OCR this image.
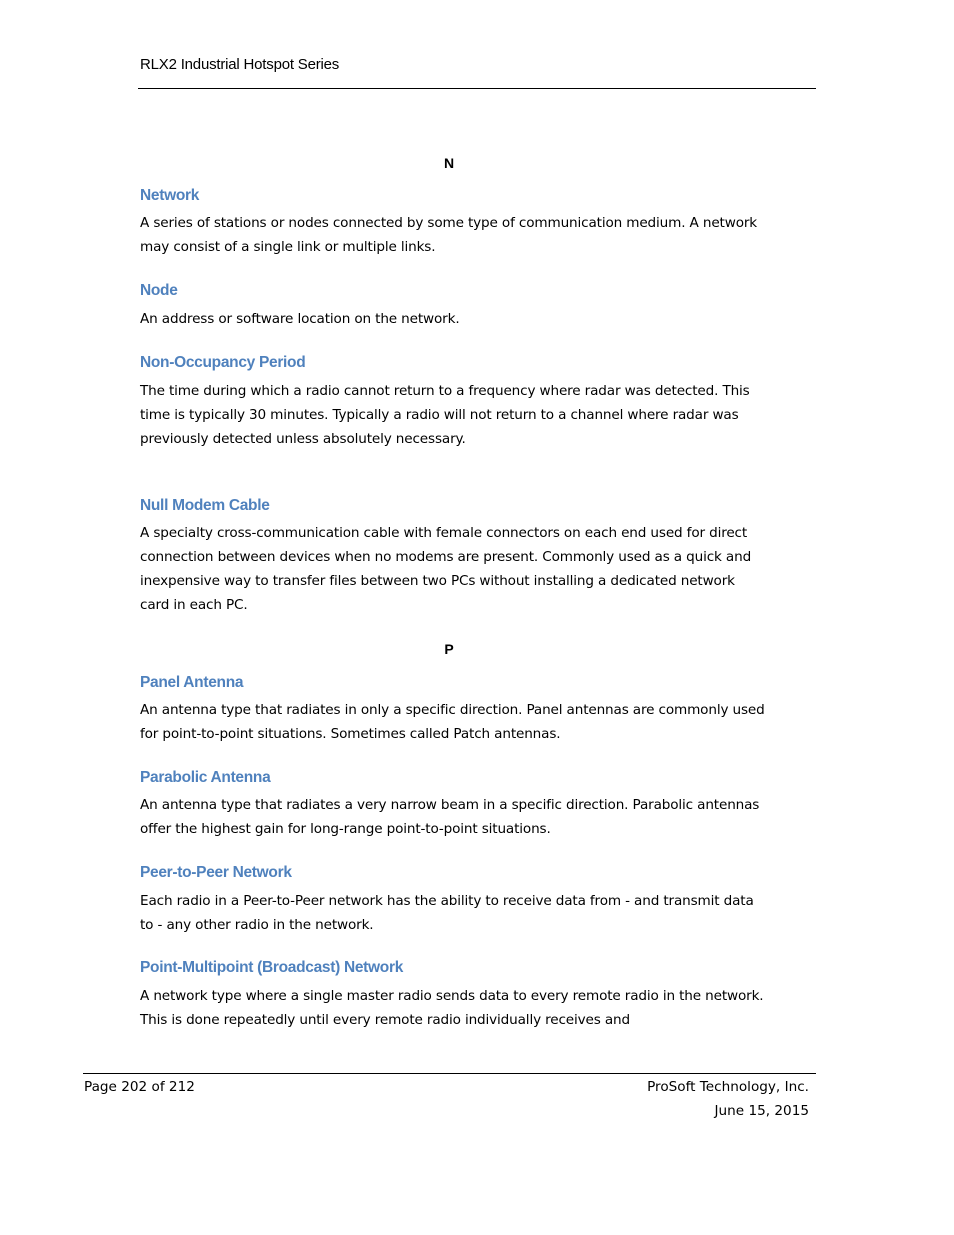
RLX2 Industrial Hotspot Series
N
Network
A series of stations or nodes connected by some type of communication medium. A network may consist of a single link or multiple links.
Node
An address or software location on the network.
Non-Occupancy Period
The time during which a radio cannot return to a frequency where radar was detected. This time is typically 30 minutes. Typically a radio will not return to a channel where radar was previously detected unless absolutely necessary.
Null Modem Cable
A specialty cross-communication cable with female connectors on each end used for direct connection between devices when no modems are present. Commonly used as a quick and inexpensive way to transfer files between two PCs without installing a dedicated network card in each PC.
P
Panel Antenna
An antenna type that radiates in only a specific direction. Panel antennas are commonly used for point-to-point situations. Sometimes called Patch antennas.
Parabolic Antenna
An antenna type that radiates a very narrow beam in a specific direction. Parabolic antennas offer the highest gain for long-range point-to-point situations.
Peer-to-Peer Network
Each radio in a Peer-to-Peer network has the ability to receive data from - and transmit data to - any other radio in the network.
Point-Multipoint (Broadcast) Network
A network type where a single master radio sends data to every remote radio in the network. This is done repeatedly until every remote radio individually receives and
Page 202 of 212	ProSoft Technology, Inc.
June 15, 2015
